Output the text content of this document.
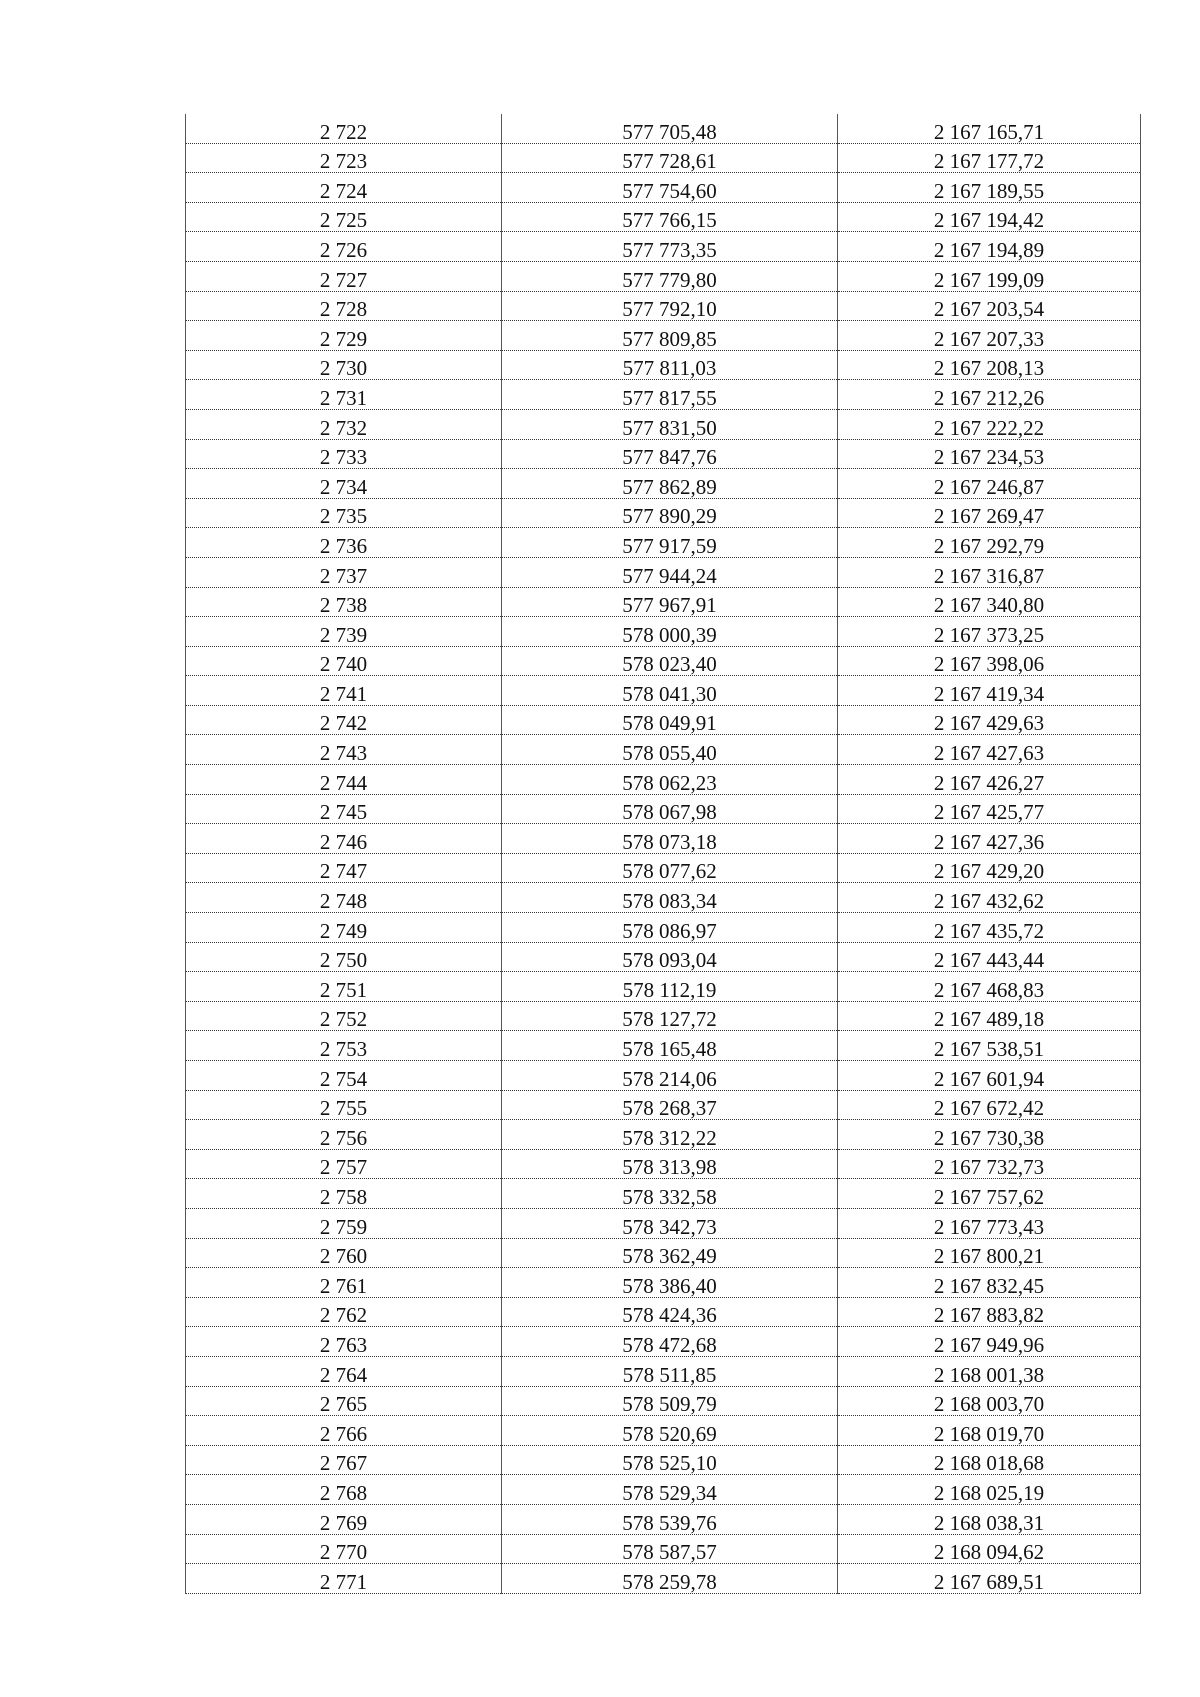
2 722	577 705,48	2 167 165,71
2 723	577 728,61	2 167 177,72
2 724	577 754,60	2 167 189,55
2 725	577 766,15	2 167 194,42
2 726	577 773,35	2 167 194,89
2 727	577 779,80	2 167 199,09
2 728	577 792,10	2 167 203,54
2 729	577 809,85	2 167 207,33
2 730	577 811,03	2 167 208,13
2 731	577 817,55	2 167 212,26
2 732	577 831,50	2 167 222,22
2 733	577 847,76	2 167 234,53
2 734	577 862,89	2 167 246,87
2 735	577 890,29	2 167 269,47
2 736	577 917,59	2 167 292,79
2 737	577 944,24	2 167 316,87
2 738	577 967,91	2 167 340,80
2 739	578 000,39	2 167 373,25
2 740	578 023,40	2 167 398,06
2 741	578 041,30	2 167 419,34
2 742	578 049,91	2 167 429,63
2 743	578 055,40	2 167 427,63
2 744	578 062,23	2 167 426,27
2 745	578 067,98	2 167 425,77
2 746	578 073,18	2 167 427,36
2 747	578 077,62	2 167 429,20
2 748	578 083,34	2 167 432,62
2 749	578 086,97	2 167 435,72
2 750	578 093,04	2 167 443,44
2 751	578 112,19	2 167 468,83
2 752	578 127,72	2 167 489,18
2 753	578 165,48	2 167 538,51
2 754	578 214,06	2 167 601,94
2 755	578 268,37	2 167 672,42
2 756	578 312,22	2 167 730,38
2 757	578 313,98	2 167 732,73
2 758	578 332,58	2 167 757,62
2 759	578 342,73	2 167 773,43
2 760	578 362,49	2 167 800,21
2 761	578 386,40	2 167 832,45
2 762	578 424,36	2 167 883,82
2 763	578 472,68	2 167 949,96
2 764	578 511,85	2 168 001,38
2 765	578 509,79	2 168 003,70
2 766	578 520,69	2 168 019,70
2 767	578 525,10	2 168 018,68
2 768	578 529,34	2 168 025,19
2 769	578 539,76	2 168 038,31
2 770	578 587,57	2 168 094,62
2 771	578 259,78	2 167 689,51
